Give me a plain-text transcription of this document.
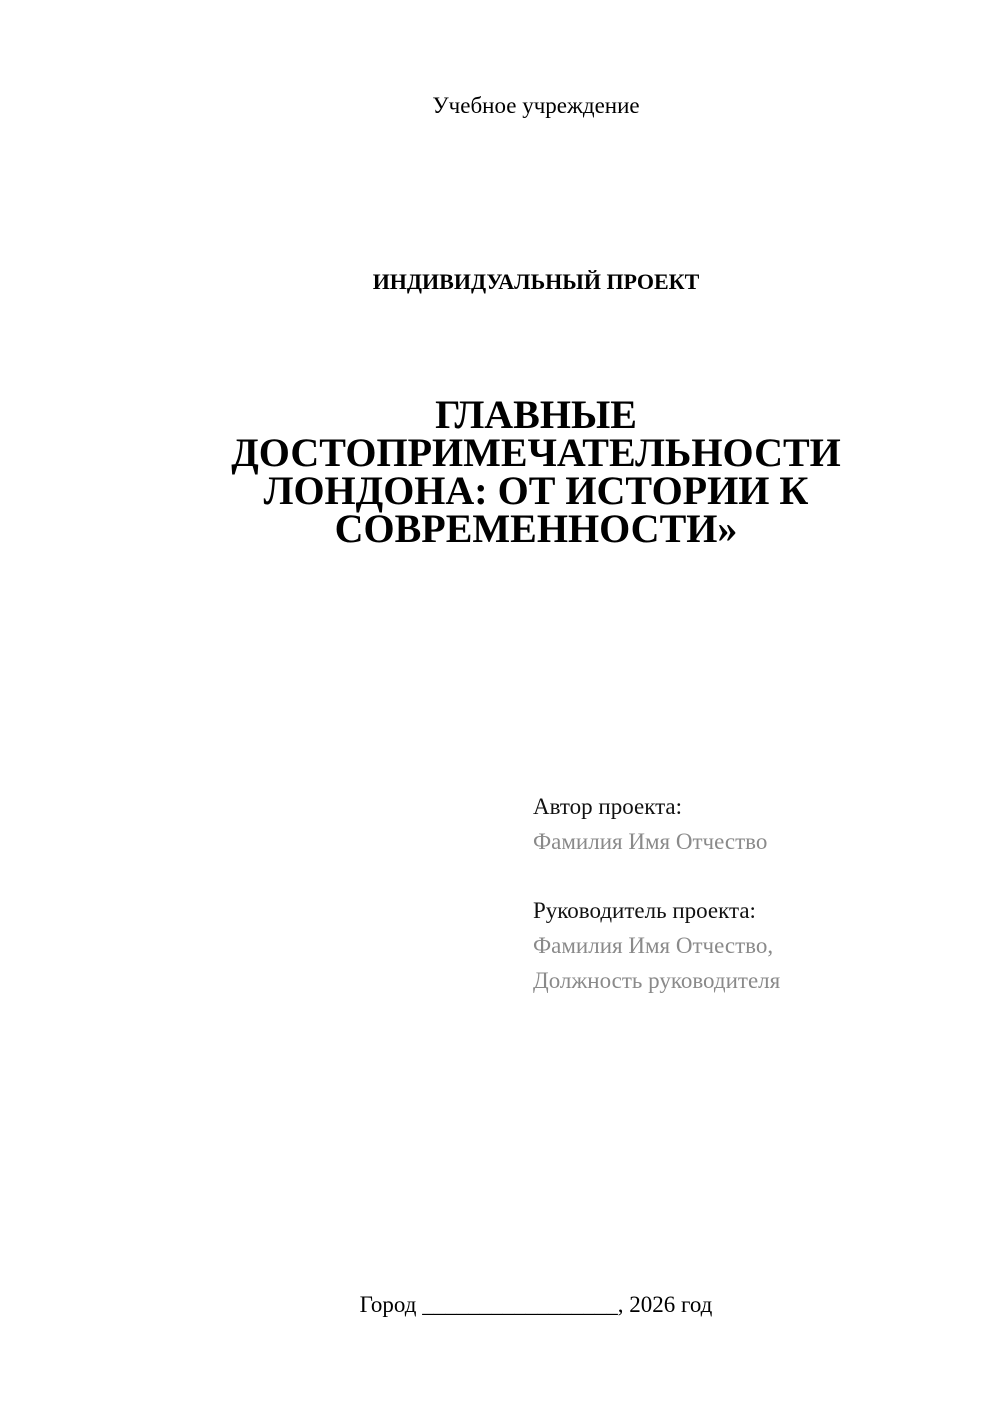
Учебное учреждение
ИНДИВИДУАЛЬНЫЙ ПРОЕКТ
ГЛАВНЫЕ
ДОСТОПРИМЕЧАТЕЛЬНОСТИ
ЛОНДОНА: ОТ ИСТОРИИ К
СОВРЕМЕННОСТИ»
Автор проекта:
Фамилия Имя Отчество
Руководитель проекта:
Фамилия Имя Отчество,
Должность руководителя
Город _________________, 2026 год
